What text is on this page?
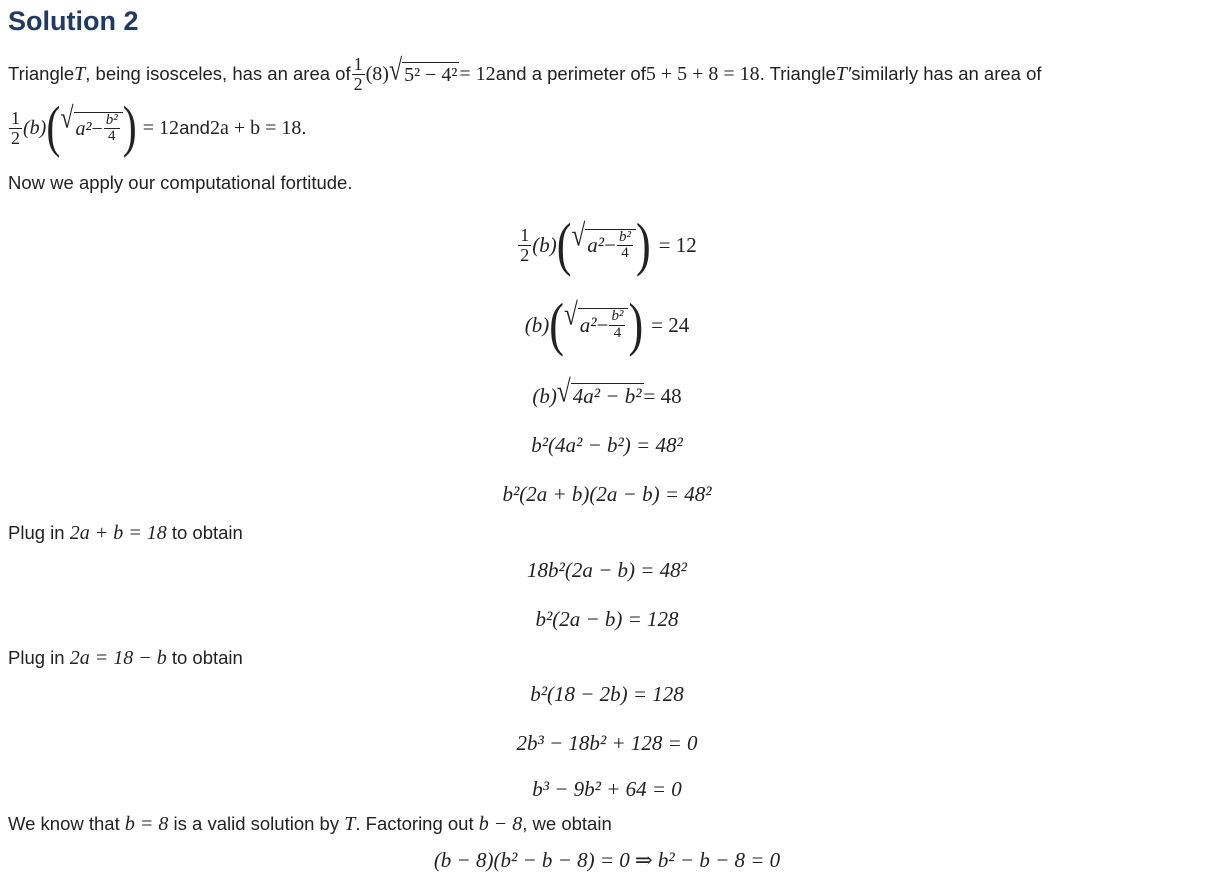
Solution 2
Triangle T , being isosceles, has an area of $\frac{1}{2} (8)$ √ 5² − 4² = 12 and a perimeter of 5 + 5 + 8 = 18 . Triangle T′ similarly has an area of
$\frac{1}{2} (b)$ ( √ $a^2 - \frac{\text{b²}}{4}$ ) = 12 and 2a + b = 18 .
Now we apply our computational fortitude.
$\frac{1}{2} (b)$ ( √ $a^2 - \frac{\text{b²}}{4}$ ) = 12
(b) ( √ $a^2 - \frac{\text{b²}}{4}$ ) = 24
(b) √ 4a² − b² = 48
b²(4a² − b²) = 48²
b²(2a + b)(2a − b) = 48²
Plug in 2a + b = 18 to obtain
18b²(2a − b) = 48²
b²(2a − b) = 128
Plug in 2a = 18 − b to obtain
b²(18 − 2b) = 128
2b³ − 18b² + 128 = 0
b³ − 9b² + 64 = 0
We know that b = 8 is a valid solution by T. Factoring out b − 8, we obtain
(b − 8)(b² − b − 8) = 0 ⇒ b² − b − 8 = 0
